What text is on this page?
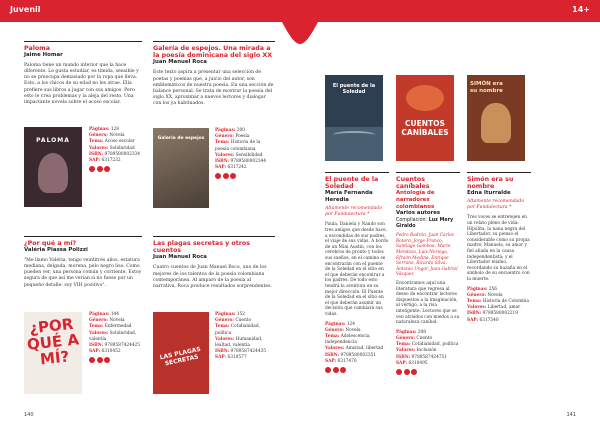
Juvenil	14+
Paloma
Jaime Homar
Paloma tiene un mundo interior que la hace diferente. Le gusta estudiar, es tímida, sensible y no se preocupa demasiado por la ropa que lleva. Esto, a los chicos de su edad no les atrae. Ella prefiere sus libros a jugar con sus amigos. Pero esto le crea problemas y la aleja del resto. Una impactante novela sobre el acoso escolar.
PALOMA
Páginas: 128
Género: Novela
Tema: Acoso escolar
Valores: Solidaridad
ISBN: 9789580002334
SAP: 6317232
Galería de espejos. Una mirada a la poesía dominicana del siglo XX
Juan Manuel Roca
Este texto aspira a presentar una selección de poetas y poemas que, a juicio del autor, son emblemáticos de nuestra poesía. En una sección de balance personal. Se trata de mostrar la poesía del siglo XX, aproximar a nuevos lectores y dialogar con los ya habituados.
Galería de espejos
Páginas: 200
Género: Poesía
Tema: Historia de la poesía colombiana
Valores: Sensibilidad
ISBN: 9789580002344
SAP: 6317242
¿Por qué a mí?
Valéria Piassa Polizzi
"Me llamo Valéria, tengo veintitrés años, estatura mediana, delgada, morena, pelo negro liso. Como pueden ver, una persona común y corriente. Estoy segura de que así me verían si no fuese por un pequeño detalle: soy VIH positivo".
¿POR QUÉ A MÍ?
Páginas: 144
Género: Novela
Tema: Enfermedad
Valores: Solidaridad, valentía
ISBN: 9789587424425
SAP: 6310452
Las plagas secretas y otros cuentos
Juan Manuel Roca
Cuatro cuentos de Juan Manuel Roca, uno de los mejores de los talentos de la poesía colombiana contemporánea. Al amparo de la poesía al narrativa, Roca produce resultados sorprendentes.
LAS PLAGAS SECRETAS
Páginas: 152
Género: Cuento
Tema: Cotidianidad, política
Valores: Humanidad, lealtad, valentía
ISBN: 9789587424435
SAP: 6310577
El puente de la Soledad
CUENTOS CANÍBALES
SIMÓN era su nombre
El puente de la Soledad
María Fernanda Heredia
Altamente recomendado por Fundalectura *
Paula, Daniela y Nando son tres amigos que desde hace, a escondidas de sus padres, el viaje de sus vidas. A bordo de un Mini Austin, con los cerebros de pronto y todos sus sueños, en el camino se encontrarán con el puente de la Soledad en el sitio en el que deberán encontrar a los padres. De todo esto tendrá la aventura en su mejor dirección. El Puente de la Soledad en el sitio en el que deberán asumir un decisión que cambiará sus vidas.
Páginas: 124
Género: Novela
Tema: Adolescencia, independencia
Valores: Amistad, libertad
ISBN: 9789580002351
SAP: 6317470
Cuentos caníbales
Antología de narradores colombianos
Varios autores
Compilación: Luz Mery Giraldo
Pedro Badrán, Juan Carlos Botero, Jorge Franco, Santiago Gamboa, Mario Mendoza, Luis Noriega, Efraim Medina, Enrique Serrano, Ricardo Silva, Antonio Ungar, Juan Gabriel Vásquez
Encontramos aquí una literatura que regresa al deseo de encontrar lectores dispuestos a la imaginación, al vértigo, a la risa inteligente. Lectores que se ven atraídos con miedos a su naturaleza caníbal.
Páginas: 208
Género: Cuento
Tema: Cotidianidad, política
Valores: Inclusión
ISBN: 9789587424751
SAP: 6310495
Simón era su nombre
Edna Iturralde
Altamente recomendado por Fundalectura *
Tres voces se entretejen en un relato pleno de vida: Hipólita, la nana negra del Libertador, su pienso el considerable como su propia madre; Manuela, su amor y fiel aliada en la causa independentista; y el Libertador mismo, recordando su hazaña en el símbolo de su encuentro con la muerte.
Páginas: 256
Género: Novela
Tema: Historia de Colombia
Valores: Libertad, amor
ISBN: 9789580002219
SAP: 6317540
140	141
